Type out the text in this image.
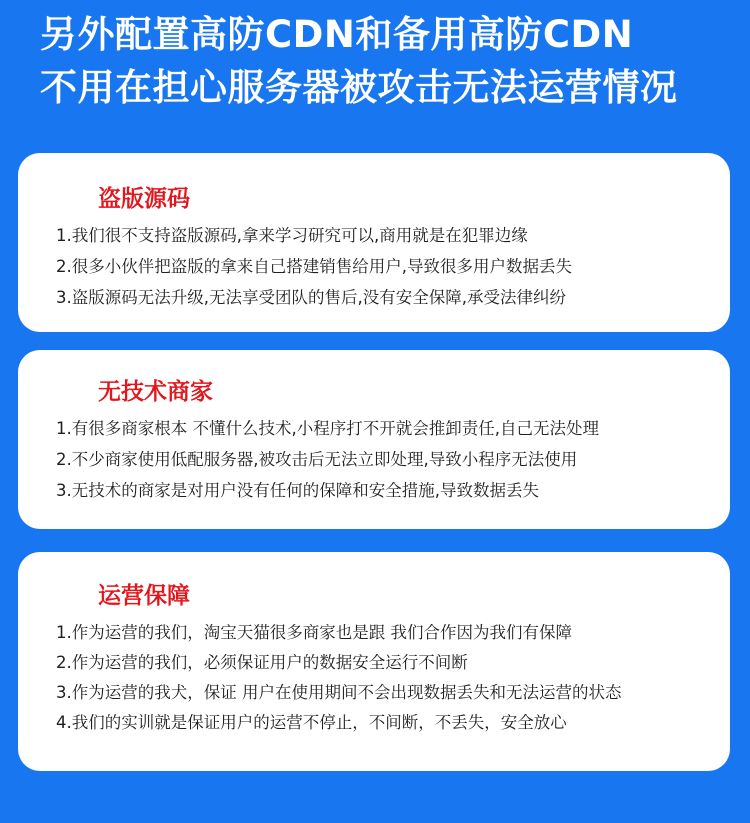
另外配置高防CDN和备用高防CDN
不用在担心服务器被攻击无法运营情况
盗版源码
1.我们很不支持盗版源码,拿来学习研究可以,商用就是在犯罪边缘
2.很多小伙伴把盗版的拿来自己搭建销售给用户,导致很多用户数据丢失
3.盗版源码无法升级,无法享受团队的售后,没有安全保障,承受法律纠纷
无技术商家
1.有很多商家根本 不懂什么技术,小程序打不开就会推卸责任,自己无法处理
2.不少商家使用低配服务器,被攻击后无法立即处理,导致小程序无法使用
3.无技术的商家是对用户没有任何的保障和安全措施,导致数据丢失
运营保障
1.作为运营的我们，淘宝天猫很多商家也是跟 我们合作因为我们有保障
2.作为运营的我们，必须保证用户的数据安全运行不间断
3.作为运营的我犬，保证 用户在使用期间不会出现数据丢失和无法运营的状态
4.我们的实训就是保证用户的运营不停止，不间断，不丢失，安全放心
